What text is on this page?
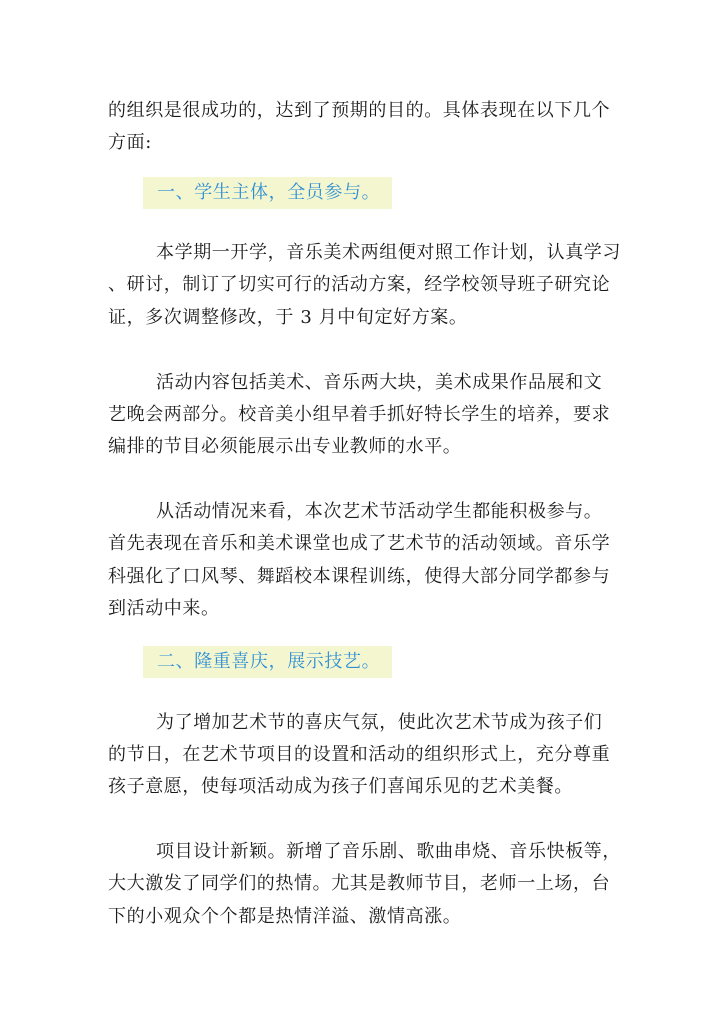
的组织是很成功的，达到了预期的目的。具体表现在以下几个
方面:
一、学生主体，全员参与。
本学期一开学，音乐美术两组便对照工作计划，认真学习
、研讨，制订了切实可行的活动方案，经学校领导班子研究论
证，多次调整修改，于 3 月中旬定好方案。
活动内容包括美术、音乐两大块，美术成果作品展和文
艺晚会两部分。校音美小组早着手抓好特长学生的培养，要求
编排的节目必须能展示出专业教师的水平。
从活动情况来看，本次艺术节活动学生都能积极参与。
首先表现在音乐和美术课堂也成了艺术节的活动领域。音乐学
科强化了口风琴、舞蹈校本课程训练，使得大部分同学都参与
到活动中来。
二、隆重喜庆，展示技艺。
为了增加艺术节的喜庆气氛，使此次艺术节成为孩子们
的节日，在艺术节项目的设置和活动的组织形式上，充分尊重
孩子意愿，使每项活动成为孩子们喜闻乐见的艺术美餐。
项目设计新颖。新增了音乐剧、歌曲串烧、音乐快板等，
大大激发了同学们的热情。尤其是教师节目，老师一上场，台
下的小观众个个都是热情洋溢、激情高涨。
